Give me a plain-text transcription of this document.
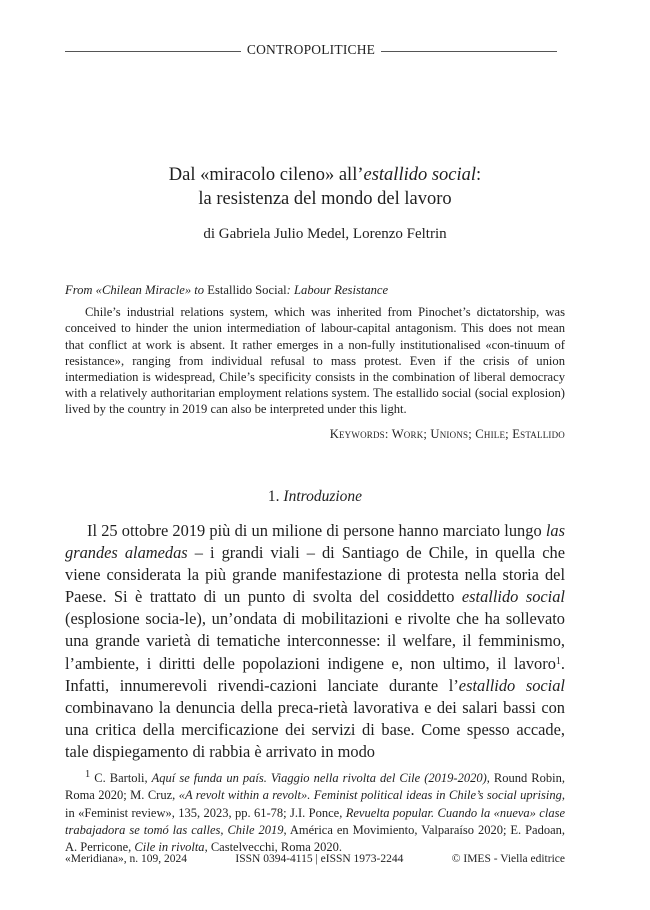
CONTROPOLITICHE
Dal «miracolo cileno» all’estallido social:
la resistenza del mondo del lavoro
di Gabriela Julio Medel, Lorenzo Feltrin

From «Chilean Miracle» to Estallido Social: Labour Resistance

Chile’s industrial relations system, which was inherited from Pinochet’s dictatorship, was conceived to hinder the union intermediation of labour-capital antagonism. This does not mean that conflict at work is absent. It rather emerges in a non-fully institutionalised «con-tinuum of resistance», ranging from individual refusal to mass protest. Even if the crisis of union intermediation is widespread, Chile’s specificity consists in the combination of liberal democracy with a relatively authoritarian employment relations system. The estallido social (social explosion) lived by the country in 2019 can also be interpreted under this light.

Keywords: Work; Unions; Chile; Estallido
1. Introduzione

Il 25 ottobre 2019 più di un milione di persone hanno marciato lungo las grandes alamedas – i grandi viali – di Santiago de Chile, in quella che viene considerata la più grande manifestazione di protesta nella storia del Paese. Si è trattato di un punto di svolta del cosiddetto estallido social (esplosione socia-le), un’ondata di mobilitazioni e rivolte che ha sollevato una grande varietà di tematiche interconnesse: il welfare, il femminismo, l’ambiente, i diritti delle popolazioni indigene e, non ultimo, il lavoro$^1$. Infatti, innumerevoli rivendi-cazioni lanciate durante l’estallido social combinavano la denuncia della preca-rietà lavorativa e dei salari bassi con una critica della mercificazione dei servizi di base. Come spesso accade, tale dispiegamento di rabbia è arrivato in modo

$^1$ C. Bartoli, Aquí se funda un país. Viaggio nella rivolta del Cile (2019-2020), Round Robin, Roma 2020; M. Cruz, «A revolt within a revolt». Feminist political ideas in Chile’s social uprising, in «Feminist review», 135, 2023, pp. 61-78; J.I. Ponce, Revuelta popular. Cuando la «nueva» clase trabajadora se tomó las calles, Chile 2019, América en Movimiento, Valparaíso 2020; E. Padoan, A. Perricone, Cile in rivolta, Castelvecchi, Roma 2020.

«Meridiana», n. 109, 2024	ISSN 0394-4115 | eISSN 1973-2244	© IMES - Viella editrice
